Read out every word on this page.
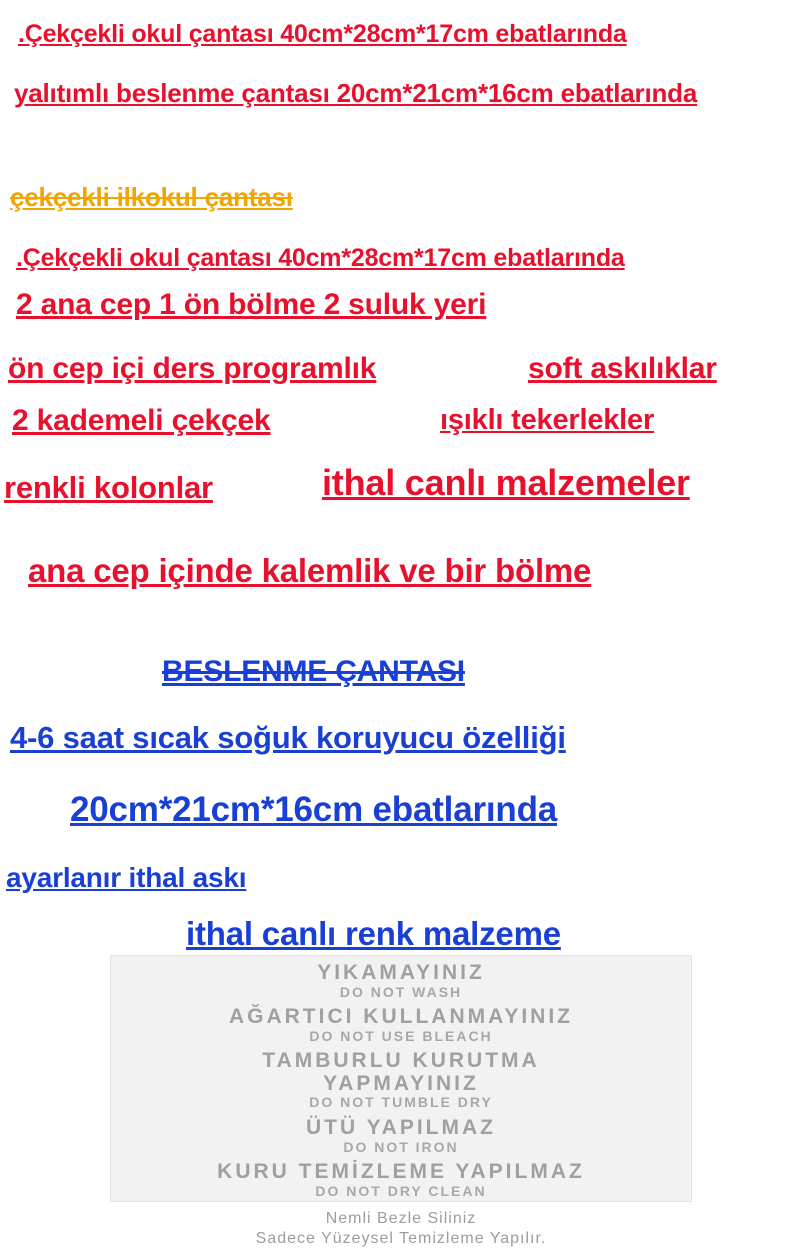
.Çekçekli okul çantası 40cm*28cm*17cm ebatlarında
yalıtımlı beslenme çantası 20cm*21cm*16cm ebatlarında
çekçekli ilkokul çantası
.Çekçekli okul çantası 40cm*28cm*17cm ebatlarında
2 ana cep 1 ön bölme 2 suluk yeri
ön cep içi ders programlık	soft askılıklar
2 kademeli çekçek	ışıklı tekerlekler
renkli kolonlar	ithal canlı malzemeler
ana cep içinde kalemlik ve bir bölme
BESLENME ÇANTASI
4-6 saat sıcak soğuk koruyucu özelliği
20cm*21cm*16cm ebatlarında
ayarlanır ithal askı
ithal canlı renk malzeme
YIKAMAYINIZ
DO NOT WASH
AĞARTICI KULLANMAYINIZ
DO NOT USE BLEACH
TAMBURLU KURUTMA
YAPMAYINIZ
DO NOT TUMBLE DRY
ÜTÜ YAPILMAZ
DO NOT IRON
KURU TEMİZLEME YAPILMAZ
DO NOT DRY CLEAN
Nemli Bezle Siliniz
Sadece Yüzeysel Temizleme Yapılır.
